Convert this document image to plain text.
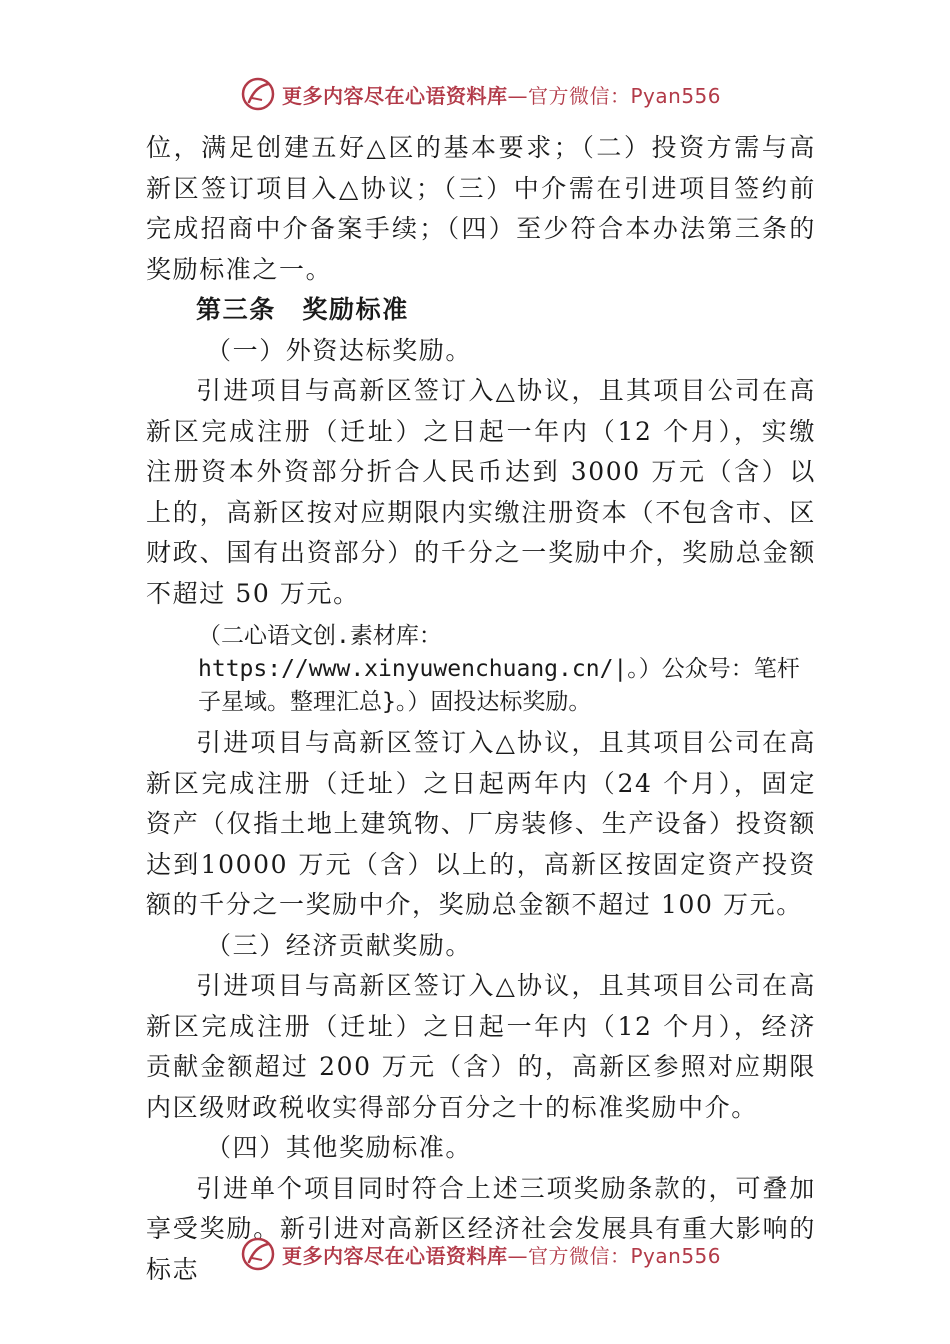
更多内容尽在心语资料库—官方微信：Pyan556

位，满足创建五好△区的基本要求；（二）投资方需与高新区签订项目入△协议；（三）中介需在引进项目签约前完成招商中介备案手续；（四）至少符合本办法第三条的奖励标准之一。

第三条　奖励标准

（一）外资达标奖励。

引进项目与高新区签订入△协议，且其项目公司在高新区完成注册（迁址）之日起一年内（12 个月），实缴注册资本外资部分折合人民币达到 3000 万元（含）以上的，高新区按对应期限内实缴注册资本（不包含市、区财政、国有出资部分）的千分之一奖励中介，奖励总金额不超过 50 万元。

（二心语文创.素材库：https://www.xinyuwenchuang.cn/|。）公众号：笔杆子星域。整理汇总}。）固投达标奖励。

引进项目与高新区签订入△协议，且其项目公司在高新区完成注册（迁址）之日起两年内（24 个月），固定资产（仅指土地上建筑物、厂房装修、生产设备）投资额达到10000 万元（含）以上的，高新区按固定资产投资额的千分之一奖励中介，奖励总金额不超过 100 万元。

（三）经济贡献奖励。

引进项目与高新区签订入△协议，且其项目公司在高新区完成注册（迁址）之日起一年内（12 个月），经济贡献金额超过 200 万元（含）的，高新区参照对应期限内区级财政税收实得部分百分之十的标准奖励中介。

（四）其他奖励标准。

引进单个项目同时符合上述三项奖励条款的，可叠加享受奖励。新引进对高新区经济社会发展具有重大影响的标志	更多内容尽在心语资料库—官方微信：Pyan556
